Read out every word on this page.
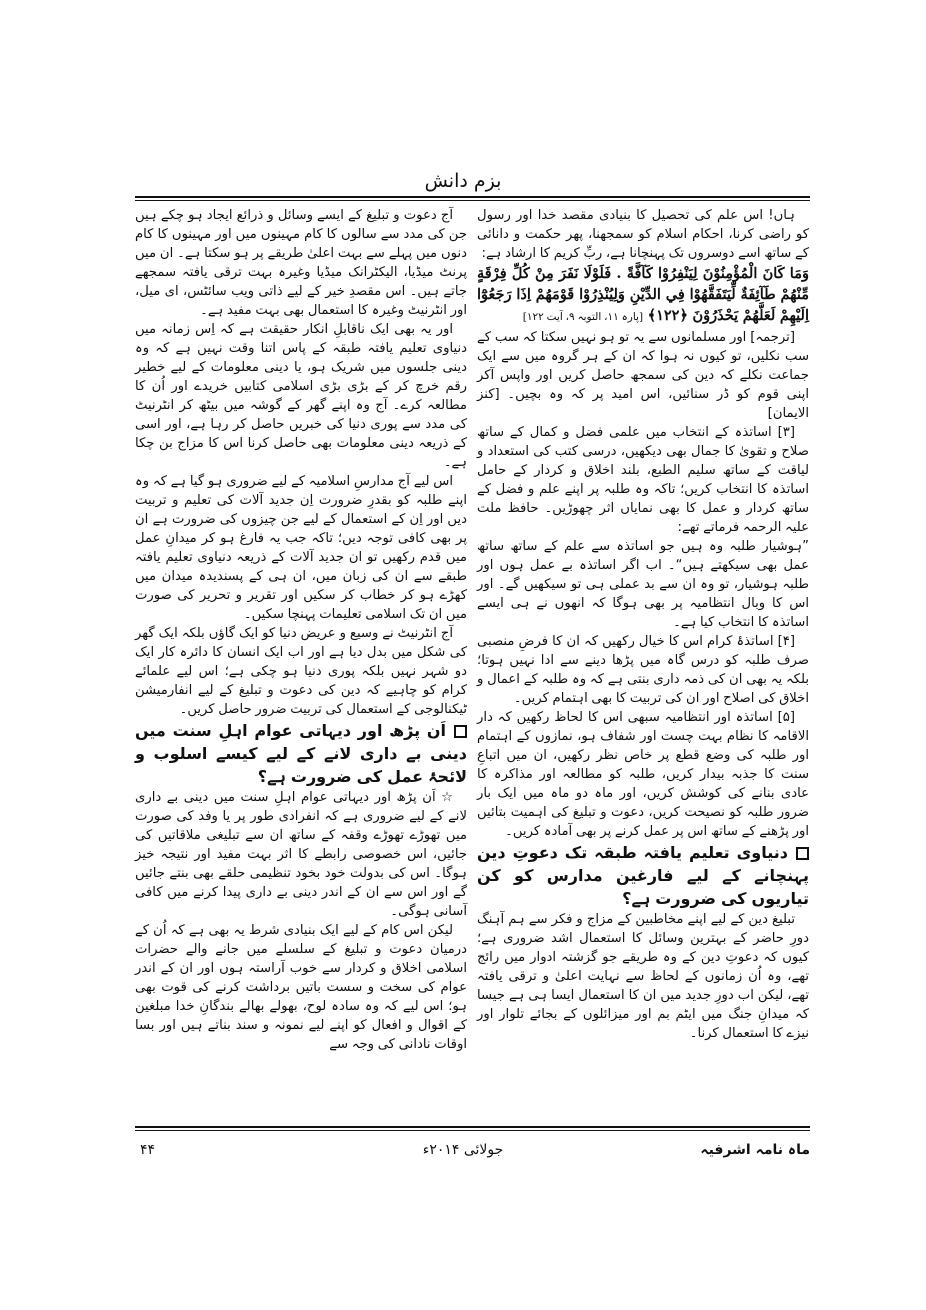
بزم دانش

ہاں! اس علم کی تحصیل کا بنیادی مقصد خدا اور رسول کو راضی کرنا، احکام اسلام کو سمجھنا، پھر حکمت و دانائی کے ساتھ اسے دوسروں تک پہنچانا ہے، ربِّ کریم کا ارشاد ہے:

وَمَا كَانَ الْمُؤْمِنُوْنَ لِيَنْفِرُوْا كَآفَّةً . فَلَوْلَا نَفَرَ مِنْ كُلِّ فِرْقَةٍ مِّنْهُمْ طَآئِفَةٌ لِّيَتَفَقَّهُوْا فِي الدِّيْنِ وَلِيُنْذِرُوْا قَوْمَهُمْ اِذَا رَجَعُوْٓا اِلَيْهِمْ لَعَلَّهُمْ يَحْذَرُوْنَ ﴿۱۲۲﴾ [پارہ ۱۱، التوبہ ۹، آیت ۱۲۲]

[ترجمہ] اور مسلمانوں سے یہ تو ہو نہیں سکتا کہ سب کے سب نکلیں، تو کیوں نہ ہوا کہ ان کے ہر گروہ میں سے ایک جماعت نکلے کہ دین کی سمجھ حاصل کریں اور واپس آکر اپنی قوم کو ڈر سنائیں، اس امید پر کہ وہ بچیں۔ [کنز الایمان]

[۳] اساتذہ کے انتخاب میں علمی فضل و کمال کے ساتھ صلاح و تقویٰ کا جمال بھی دیکھیں، درسی کتب کی استعداد و لیاقت کے ساتھ سلیم الطبع، بلند اخلاق و کردار کے حامل اساتذہ کا انتخاب کریں؛ تاکہ وہ طلبہ پر اپنے علم و فضل کے ساتھ کردار و عمل کا بھی نمایاں اثر چھوڑیں۔ حافظ ملت علیہ الرحمہ فرماتے تھے:

”ہوشیار طلبہ وہ ہیں جو اساتذہ سے علم کے ساتھ ساتھ عمل بھی سیکھتے ہیں“۔ اب اگر اساتذہ بے عمل ہوں اور طلبہ ہوشیار، تو وہ ان سے بد عملی ہی تو سیکھیں گے۔ اور اس کا وبال انتظامیہ پر بھی ہوگا کہ انھوں نے ہی ایسے اساتذہ کا انتخاب کیا ہے۔

[۴] اساتذۂ کرام اس کا خیال رکھیں کہ ان کا فرضِ منصبی صرف طلبہ کو درس گاہ میں پڑھا دینے سے ادا نہیں ہوتا؛ بلکہ یہ بھی ان کی ذمہ داری بنتی ہے کہ وہ طلبہ کے اعمال و اخلاق کی اصلاح اور ان کی تربیت کا بھی اہتمام کریں۔

[۵] اساتذہ اور انتظامیہ سبھی اس کا لحاظ رکھیں کہ دار الاقامہ کا نظام بہت چست اور شفاف ہو، نمازوں کے اہتمام اور طلبہ کی وضع قطع پر خاص نظر رکھیں، ان میں اتباعِ سنت کا جذبہ بیدار کریں، طلبہ کو مطالعہ اور مذاکرہ کا عادی بنانے کی کوشش کریں، اور ماہ دو ماہ میں ایک بار ضرور طلبہ کو نصیحت کریں، دعوت و تبلیغ کی اہمیت بتائیں اور پڑھنے کے ساتھ اس پر عمل کرنے پر بھی آمادہ کریں۔

دنیاوی تعلیم یافتہ طبقہ تک دعوتِ دین پہنچانے کے لیے فارغین مدارس کو کن تیاریوں کی ضرورت ہے؟

تبلیغ دین کے لیے اپنے مخاطبین کے مزاج و فکر سے ہم آہنگ دورِ حاضر کے بہترین وسائل کا استعمال اشد ضروری ہے؛ کیوں کہ دعوتِ دین کے وہ طریقے جو گزشتہ ادوار میں رائج تھے، وہ اُن زمانوں کے لحاظ سے نہایت اعلیٰ و ترقی یافتہ تھے، لیکن اب دورِ جدید میں ان کا استعمال ایسا ہی ہے جیسا کہ میدانِ جنگ میں ایٹم بم اور میزائلوں کے بجائے تلوار اور نیزے کا استعمال کرنا۔

آج دعوت و تبلیغ کے ایسے وسائل و ذرائع ایجاد ہو چکے ہیں جن کی مدد سے سالوں کا کام مہینوں میں اور مہینوں کا کام دنوں میں پہلے سے بہت اعلیٰ طریقے پر ہو سکتا ہے۔ ان میں پرنٹ میڈیا، الیکٹرانک میڈیا وغیرہ بہت ترقی یافتہ سمجھے جاتے ہیں۔ اس مقصدِ خیر کے لیے ذاتی ویب سائٹس، ای میل، اور انٹرنیٹ وغیرہ کا استعمال بھی بہت مفید ہے۔

اور یہ بھی ایک ناقابلِ انکار حقیقت ہے کہ اِس زمانہ میں دنیاوی تعلیم یافتہ طبقہ کے پاس اتنا وقت نہیں ہے کہ وہ دینی جلسوں میں شریک ہو، یا دینی معلومات کے لیے خطیر رقم خرچ کر کے بڑی بڑی اسلامی کتابیں خریدے اور اُن کا مطالعہ کرے۔ آج وہ اپنے گھر کے گوشہ میں بیٹھ کر انٹرنیٹ کی مدد سے پوری دنیا کی خبریں حاصل کر رہا ہے، اور اسی کے ذریعہ دینی معلومات بھی حاصل کرنا اس کا مزاج بن چکا ہے۔

اس لیے آج مدارسِ اسلامیہ کے لیے ضروری ہو گیا ہے کہ وہ اپنے طلبہ کو بقدرِ ضرورت اِن جدید آلات کی تعلیم و تربیت دیں اور اِن کے استعمال کے لیے جن چیزوں کی ضرورت ہے ان پر بھی کافی توجہ دیں؛ تاکہ جب یہ فارغ ہو کر میدانِ عمل میں قدم رکھیں تو ان جدید آلات کے ذریعہ دنیاوی تعلیم یافتہ طبقے سے ان کی زبان میں، ان ہی کے پسندیدہ میدان میں کھڑے ہو کر خطاب کر سکیں اور تقریر و تحریر کی صورت میں ان تک اسلامی تعلیمات پہنچا سکیں۔

آج انٹرنیٹ نے وسیع و عریض دنیا کو ایک گاؤں بلکہ ایک گھر کی شکل میں بدل دیا ہے اور اب ایک انسان کا دائرہ کار ایک دو شہر نہیں بلکہ پوری دنیا ہو چکی ہے؛ اس لیے علمائے کرام کو چاہیے کہ دین کی دعوت و تبلیغ کے لیے انفارمیشن ٹیکنالوجی کے استعمال کی تربیت ضرور حاصل کریں۔

اَن پڑھ اور دیہاتی عوام اہلِ سنت میں دینی بے داری لانے کے لیے کیسے اسلوب و لائحۂ عمل کی ضرورت ہے؟

☆ اَن پڑھ اور دیہاتی عوام اہلِ سنت میں دینی بے داری لانے کے لیے ضروری ہے کہ انفرادی طور پر یا وفد کی صورت میں تھوڑے تھوڑے وقفہ کے ساتھ ان سے تبلیغی ملاقاتیں کی جائیں، اس خصوصی رابطے کا اثر بہت مفید اور نتیجہ خیز ہوگا۔ اس کی بدولت خود بخود تنظیمی حلقے بھی بنتے جائیں گے اور اس سے ان کے اندر دینی بے داری پیدا کرنے میں کافی آسانی ہوگی۔

لیکن اس کام کے لیے ایک بنیادی شرط یہ بھی ہے کہ اُن کے درمیان دعوت و تبلیغ کے سلسلے میں جانے والے حضرات اسلامی اخلاق و کردار سے خوب آراستہ ہوں اور ان کے اندر عوام کی سخت و سست باتیں برداشت کرنے کی قوت بھی ہو؛ اس لیے کہ وہ سادہ لوح، بھولے بھالے بندگانِ خدا مبلغین کے اقوال و افعال کو اپنے لیے نمونہ و سند بناتے ہیں اور بسا اوقات نادانی کی وجہ سے

ماہ نامہ اشرفیہ
جولائی ۲۰۱۴ء
۴۴
